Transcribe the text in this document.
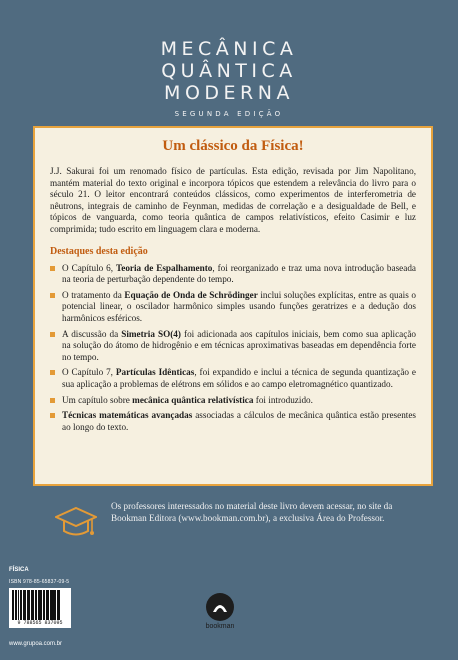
MECÂNICA
QUÂNTICA
MODERNA
SEGUNDA EDIÇÃO
Um clássico da Física!

J.J. Sakurai foi um renomado físico de partículas. Esta edição, revisada por Jim Napolitano, mantém material do texto original e incorpora tópicos que estendem a relevância do livro para o século 21. O leitor encontrará conteúdos clássicos, como experimentos de interferometria de nêutrons, integrais de caminho de Feynman, medidas de correlação e a desigualdade de Bell, e tópicos de vanguarda, como teoria quântica de campos relativísticos, efeito Casimir e luz comprimida; tudo escrito em linguagem clara e moderna.

Destaques desta edição
O Capítulo 6, Teoria de Espalhamento, foi reorganizado e traz uma nova introdução baseada na teoria de perturbação dependente do tempo.
O tratamento da Equação de Onda de Schrödinger inclui soluções explícitas, entre as quais o potencial linear, o oscilador harmônico simples usando funções geratrizes e a dedução dos harmônicos esféricos.
A discussão da Simetria SO(4) foi adicionada aos capítulos iniciais, bem como sua aplicação na solução do átomo de hidrogênio e em técnicas aproximativas baseadas em dependência forte no tempo.
O Capítulo 7, Partículas Idênticas, foi expandido e inclui a técnica de segunda quantização e sua aplicação a problemas de elétrons em sólidos e ao campo eletromagnético quantizado.
Um capítulo sobre mecânica quântica relativística foi introduzido.
Técnicas matemáticas avançadas associadas a cálculos de mecânica quântica estão presentes ao longo do texto.

Os professores interessados no material deste livro devem acessar, no site da Bookman Editora (www.bookman.com.br), a exclusiva Área do Professor.

FÍSICA
ISBN 978-85-65837-09-5
9 788565 837095	bookman
www.grupoa.com.br
